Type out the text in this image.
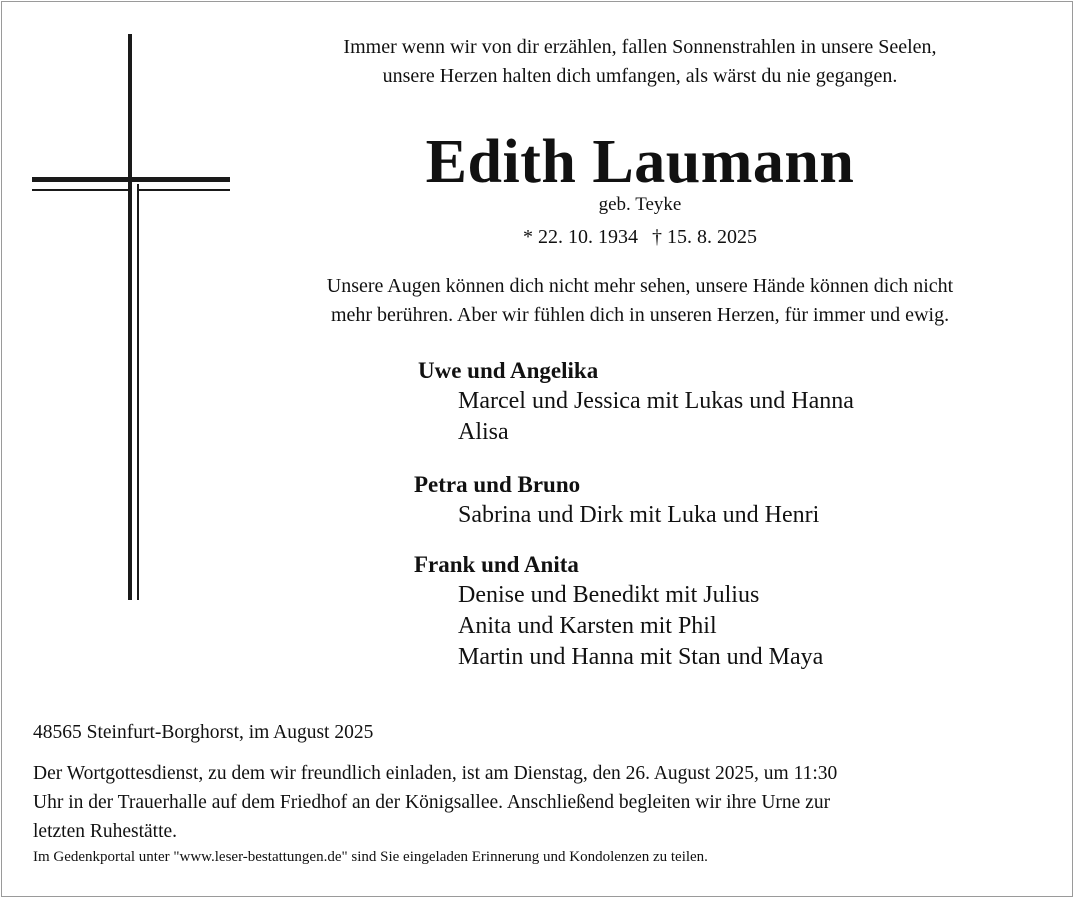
Immer wenn wir von dir erzählen, fallen Sonnenstrahlen in unsere Seelen,
unsere Herzen halten dich umfangen, als wärst du nie gegangen.
Edith Laumann
geb. Teyke
* 22. 10. 1934 † 15. 8. 2025
Unsere Augen können dich nicht mehr sehen, unsere Hände können dich nicht
mehr berühren. Aber wir fühlen dich in unseren Herzen, für immer und ewig.
Uwe und Angelika
Marcel und Jessica mit Lukas und Hanna
Alisa
Petra und Bruno
Sabrina und Dirk mit Luka und Henri
Frank und Anita
Denise und Benedikt mit Julius
Anita und Karsten mit Phil
Martin und Hanna mit Stan und Maya
48565 Steinfurt-Borghorst, im August 2025
Der Wortgottesdienst, zu dem wir freundlich einladen, ist am Dienstag, den 26. August 2025, um 11:30
Uhr in der Trauerhalle auf dem Friedhof an der Königsallee. Anschließend begleiten wir ihre Urne zur
letzten Ruhestätte.
Im Gedenkportal unter "www.leser-bestattungen.de" sind Sie eingeladen Erinnerung und Kondolenzen zu teilen.
